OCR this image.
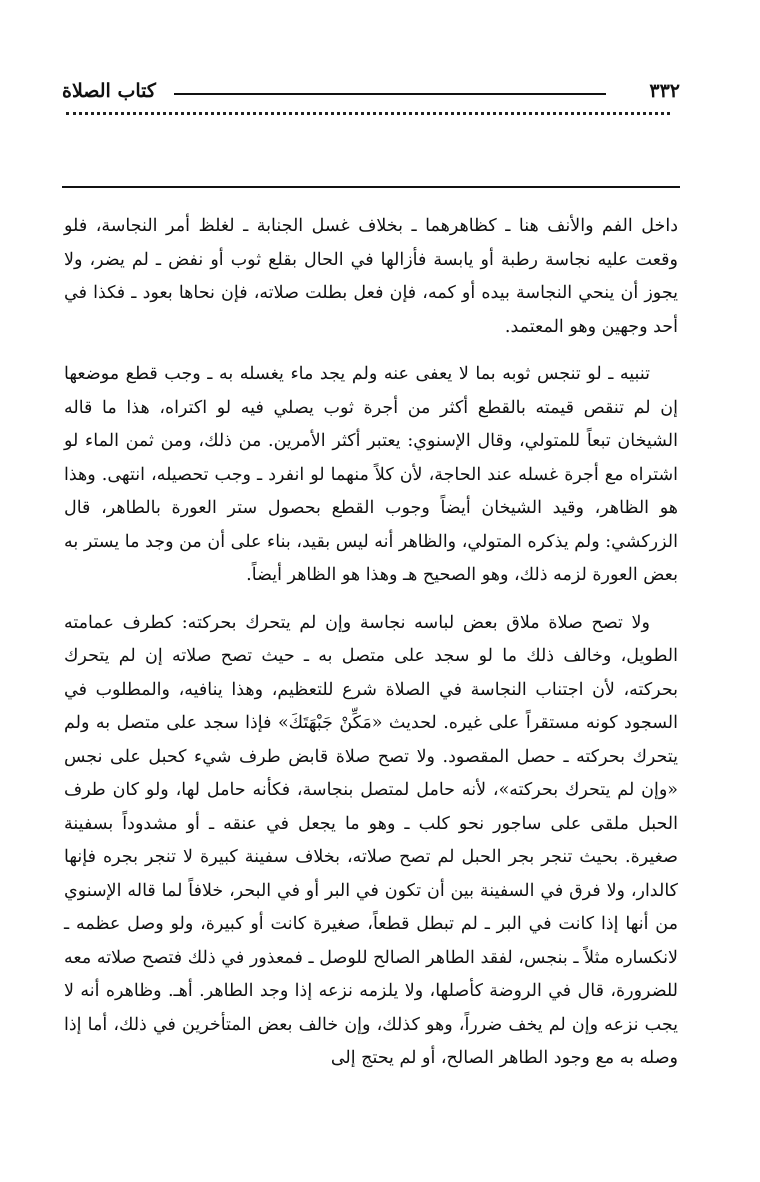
٣٣٢
كتاب الصلاة

داخل الفم والأنف هنا ـ كظاهرهما ـ بخلاف غسل الجنابة ـ لغلظ أمر النجاسة، فلو وقعت عليه نجاسة رطبة أو يابسة فأزالها في الحال بقلع ثوب أو نفض ـ لم يضر، ولا يجوز أن ينحي النجاسة بيده أو كمه، فإن فعل بطلت صلاته، فإن نحاها بعود ـ فكذا في أحد وجهين وهو المعتمد.

تنبيه ـ لو تنجس ثوبه بما لا يعفى عنه ولم يجد ماء يغسله به ـ وجب قطع موضعها إن لم تنقص قيمته بالقطع أكثر من أجرة ثوب يصلي فيه لو اكتراه، هذا ما قاله الشيخان تبعاً للمتولي، وقال الإسنوي: يعتبر أكثر الأمرين. من ذلك، ومن ثمن الماء لو اشتراه مع أجرة غسله عند الحاجة، لأن كلاً منهما لو انفرد ـ وجب تحصيله، انتهى. وهذا هو الظاهر، وقيد الشيخان أيضاً وجوب القطع بحصول ستر العورة بالطاهر، قال الزركشي: ولم يذكره المتولي، والظاهر أنه ليس بقيد، بناء على أن من وجد ما يستر به بعض العورة لزمه ذلك، وهو الصحيح هـ وهذا هو الظاهر أيضاً.

ولا تصح صلاة ملاق بعض لباسه نجاسة وإن لم يتحرك بحركته: كطرف عمامته الطويل، وخالف ذلك ما لو سجد على متصل به ـ حيث تصح صلاته إن لم يتحرك بحركته، لأن اجتناب النجاسة في الصلاة شرع للتعظيم، وهذا ينافيه، والمطلوب في السجود كونه مستقراً على غيره. لحديث «مَكِّنْ جَبْهَتَكَ» فإذا سجد على متصل به ولم يتحرك بحركته ـ حصل المقصود. ولا تصح صلاة قابض طرف شيء كحبل على نجس «وإن لم يتحرك بحركته»، لأنه حامل لمتصل بنجاسة، فكأنه حامل لها، ولو كان طرف الحبل ملقى على ساجور نحو كلب ـ وهو ما يجعل في عنقه ـ أو مشدوداً بسفينة صغيرة. بحيث تنجر بجر الحبل لم تصح صلاته، بخلاف سفينة كبيرة لا تنجر بجره فإنها كالدار، ولا فرق في السفينة بين أن تكون في البر أو في البحر، خلافاً لما قاله الإسنوي من أنها إذا كانت في البر ـ لم تبطل قطعاً، صغيرة كانت أو كبيرة، ولو وصل عظمه ـ لانكساره مثلاً ـ بنجس، لفقد الطاهر الصالح للوصل ـ فمعذور في ذلك فتصح صلاته معه للضرورة، قال في الروضة كأصلها، ولا يلزمه نزعه إذا وجد الطاهر. أهـ. وظاهره أنه لا يجب نزعه وإن لم يخف ضرراً، وهو كذلك، وإن خالف بعض المتأخرين في ذلك، أما إذا وصله به مع وجود الطاهر الصالح، أو لم يحتج إلى
